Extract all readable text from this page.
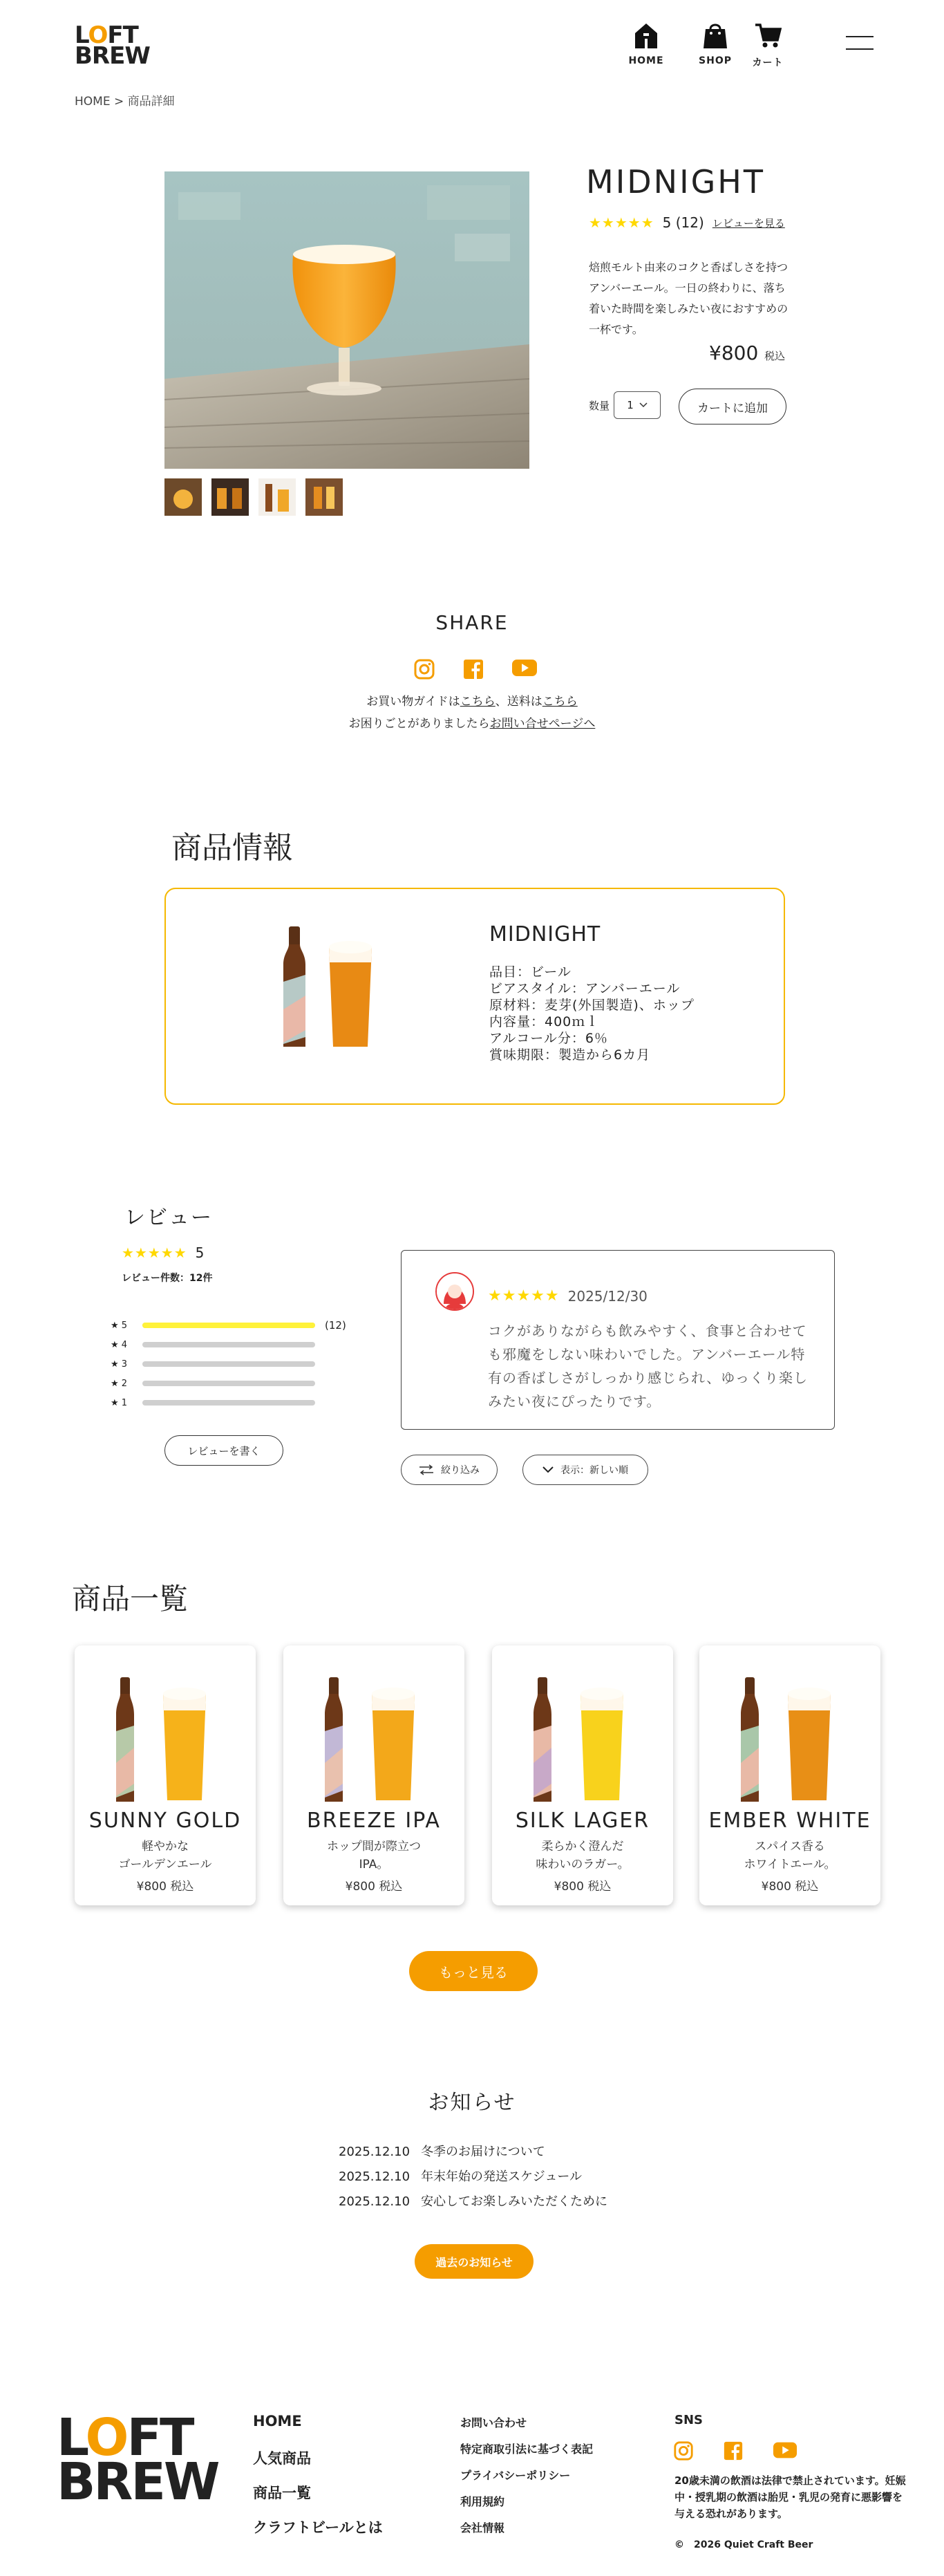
LOFT
BREW	HOME	SHOP	カート
HOME > 商品詳細
MIDNIGHT
★★★★★ 5 (12) レビューを見る
焙煎モルト由来のコクと香ばしさを持つアンバーエール。一日の終わりに、落ち着いた時間を楽しみたい夜におすすめの一杯です。
¥800 税込
数量 1	カートに追加
SHARE
お買い物ガイドはこちら、送料はこちら
お困りごとがありましたらお問い合せページへ
商品情報
MIDNIGHT
品目：ビール
ビアスタイル：アンバーエール
原材料：麦芽(外国製造)、ホップ
内容量：400ｍｌ
アルコール分：6％
賞味期限：製造から6カ月
レビュー
★★★★★ 5
レビュー件数：12件
★ 5	(12)
★ 4
★ 3
★ 2
★ 1
レビューを書く
★★★★★ 2025/12/30
コクがありながらも飲みやすく、食事と合わせても邪魔をしない味わいでした。アンバーエール特有の香ばしさがしっかり感じられ、ゆっくり楽しみたい夜にぴったりです。
絞り込み	表示：新しい順
商品一覧
SUNNY GOLD
軽やかな
ゴールデンエール
¥800 税込
BREEZE IPA
ホップ間が際立つ
IPA。
¥800 税込
SILK LAGER
柔らかく澄んだ
味わいのラガー。
¥800 税込
EMBER WHITE
スパイス香る
ホワイトエール。
¥800 税込
もっと見る
お知らせ
2025.12.10 冬季のお届けについて
2025.12.10 年末年始の発送スケジュール
2025.12.10 安心してお楽しみいただくために
過去のお知らせ
LOFT
BREW
HOME
人気商品
商品一覧
クラフトビールとは
お問い合わせ
特定商取引法に基づく表記
プライバシーポリシー
利用規約
会社情報
SNS
20歳未満の飲酒は法律で禁止されています。妊娠中・授乳期の飲酒は胎児・乳児の発育に悪影響を与える恐れがあります。
©　2026 Quiet Craft Beer
